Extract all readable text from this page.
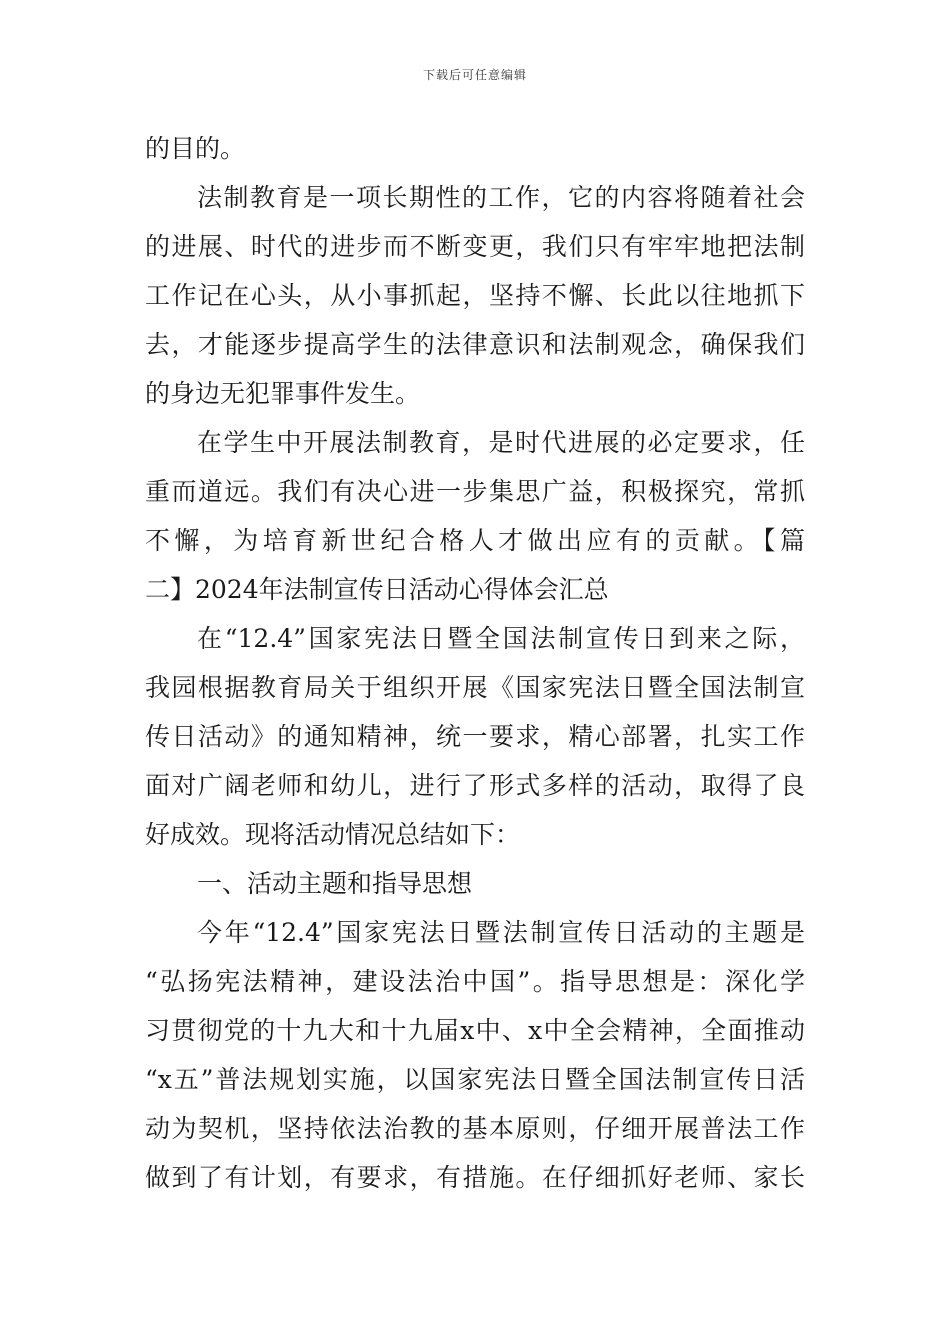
下载后可任意编辑
的目的。
法制教育是一项长期性的工作，它的内容将随着社会
的进展、时代的进步而不断变更，我们只有牢牢地把法制
工作记在心头，从小事抓起，坚持不懈、长此以往地抓下
去，才能逐步提高学生的法律意识和法制观念，确保我们
的身边无犯罪事件发生。
在学生中开展法制教育，是时代进展的必定要求，任
重而道远。我们有决心进一步集思广益，积极探究，常抓
不懈，为培育新世纪合格人才做出应有的贡献。【篇
二】2024年法制宣传日活动心得体会汇总
在“12.4”国家宪法日暨全国法制宣传日到来之际，
我园根据教育局关于组织开展《国家宪法日暨全国法制宣
传日活动》的通知精神，统一要求，精心部署，扎实工作
面对广阔老师和幼儿，进行了形式多样的活动，取得了良
好成效。现将活动情况总结如下：
一、活动主题和指导思想
今年“12.4”国家宪法日暨法制宣传日活动的主题是
“弘扬宪法精神，建设法治中国”。指导思想是：深化学
习贯彻党的十九大和十九届x中、x中全会精神，全面推动
“x五”普法规划实施，以国家宪法日暨全国法制宣传日活
动为契机，坚持依法治教的基本原则，仔细开展普法工作
做到了有计划，有要求，有措施。在仔细抓好老师、家长
